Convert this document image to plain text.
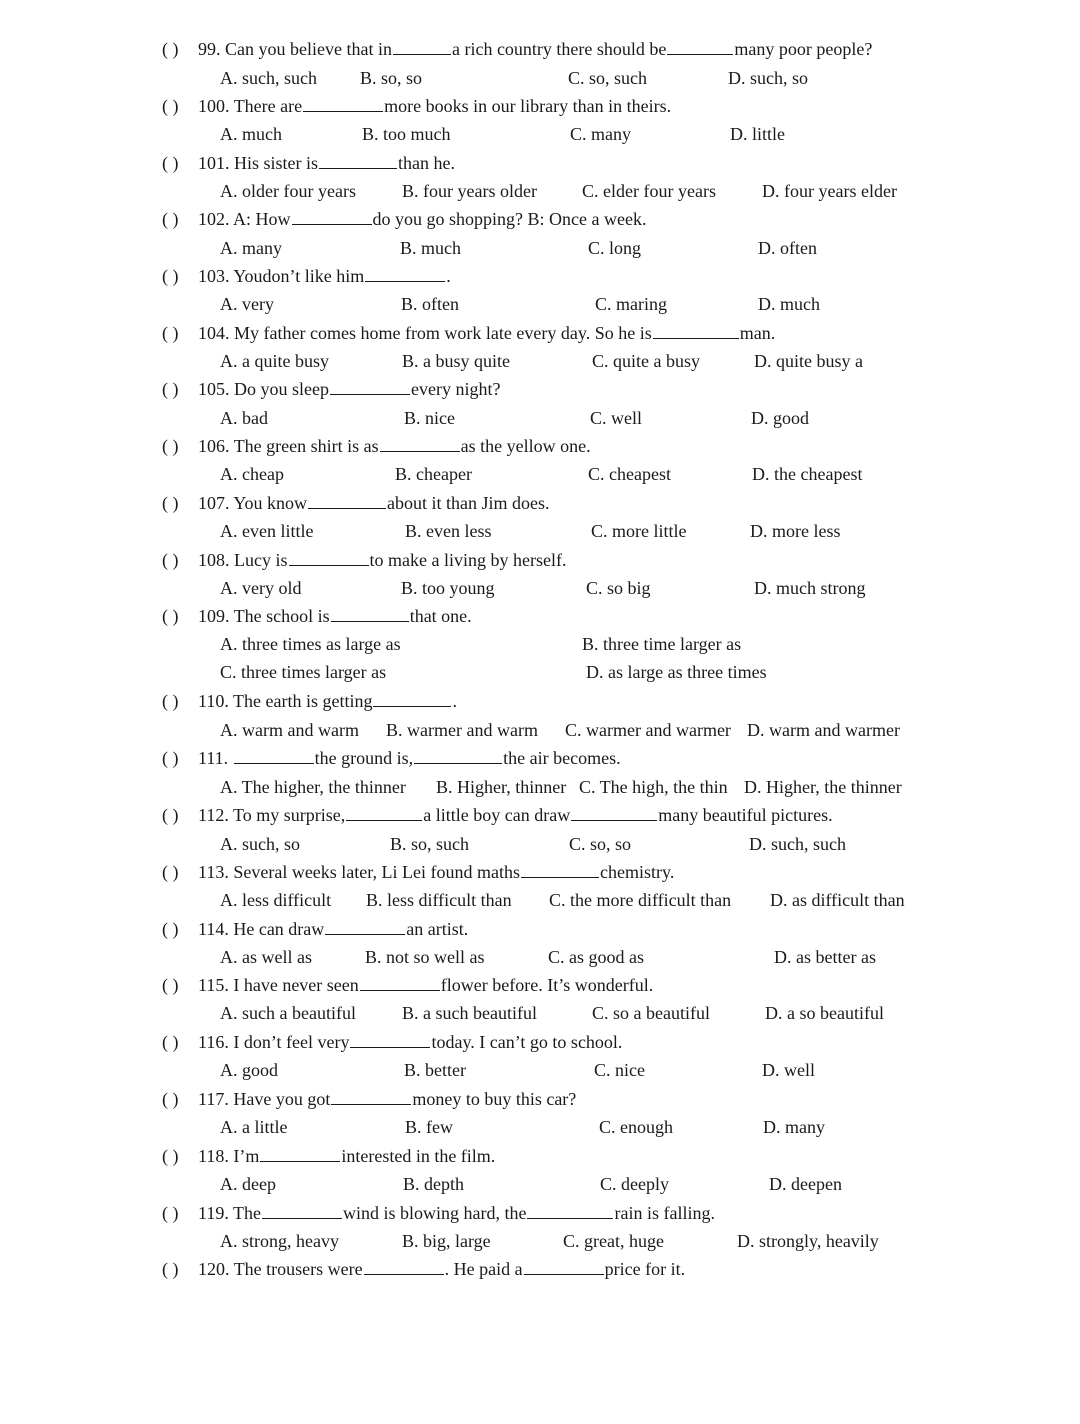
( ) 99. Can you believe that in	a rich country there should be	many poor people?
A. such, such B. so, so	C. so, such	D. such, so
( ) 100. There are	more books in our library than in theirs.
A. much	B. too much	C. many	D. little
( ) 101. His sister is	than he.
A. older four years	B. four years older	C. elder four years	D. four years elder
( ) 102. A: How	do you go shopping? B: Once a week.
A. many	B. much	C. long	D. often
( ) 103. Youdon’t like him	.
A. very	B. often	C. maring	D. much
( ) 104. My father comes home from work late every day. So he is	man.
A. a quite busy	B. a busy quite	C. quite a busy	D. quite busy a
( ) 105. Do you sleep	every night?
A. bad	B. nice	C. well	D. good
( ) 106. The green shirt is as	as the yellow one.
A. cheap	B. cheaper	C. cheapest	D. the cheapest
( ) 107. You know	about it than Jim does.
A. even little	B. even less	C. more little	D. more less
( ) 108. Lucy is	to make a living by herself.
A. very old	B. too young	C. so big	D. much strong
( ) 109. The school is	that one.
A. three times as large as	B. three time larger as
C. three times larger as	D. as large as three times
( ) 110. The earth is getting	.
A. warm and warm B. warmer and warm C. warmer and warmer D. warm and warmer
( ) 111.	the ground is,	the air becomes.
A. The higher, the thinner B. Higher, thinner C. The high, the thin D. Higher, the thinner
( ) 112. To my surprise,	a little boy can draw	many beautiful pictures.
A. such, so	B. so, such	C. so, so	D. such, such
( ) 113. Several weeks later, Li Lei found maths	chemistry.
A. less difficult B. less difficult than C. the more difficult than D. as difficult than
( ) 114. He can draw	an artist.
A. as well as	B. not so well as	C. as good as	D. as better as
( ) 115. I have never seen	flower before. It’s wonderful.
A. such a beautiful	B. a such beautiful	C. so a beautiful	D. a so beautiful
( ) 116. I don’t feel very	today. I can’t go to school.
A. good	B. better	C. nice	D. well
( ) 117. Have you got	money to buy this car?
A. a little	B. few	C. enough	D. many
( ) 118. I’m	interested in the film.
A. deep	B. depth	C. deeply	D. deepen
( ) 119. The	wind is blowing hard, the	rain is falling.
A. strong, heavy	B. big, large	C. great, huge	D. strongly, heavily
( ) 120. The trousers were	. He paid a	price for it.
